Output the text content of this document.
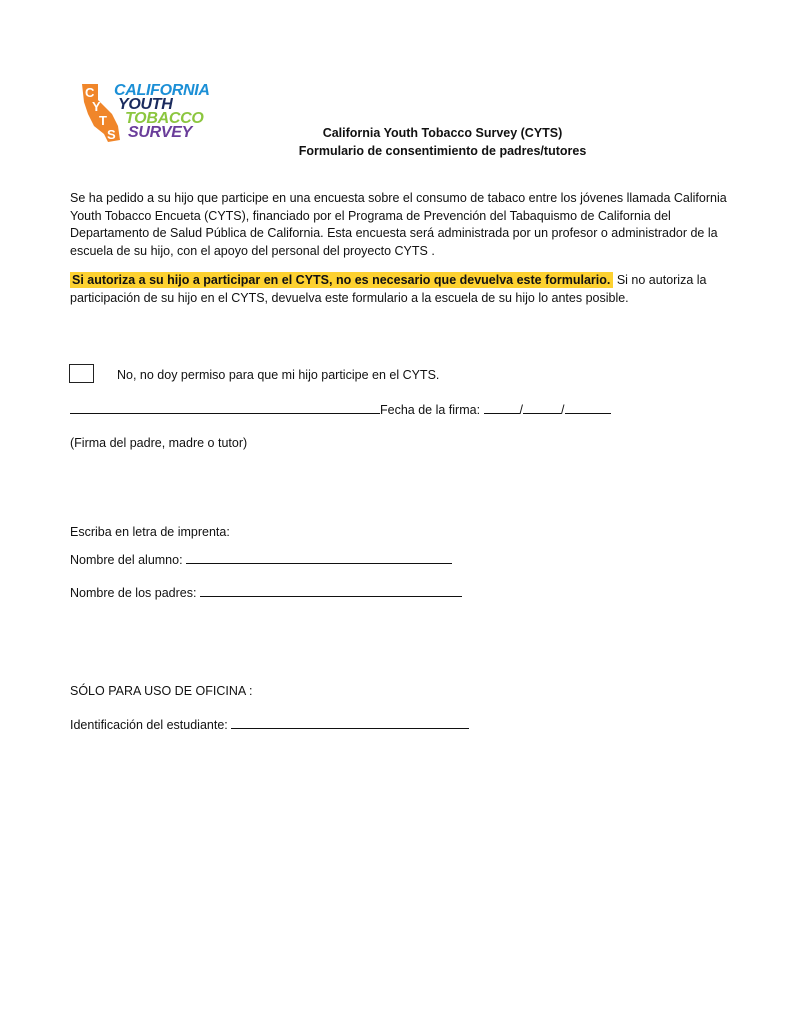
C
Y
T
S
CALIFORNIA
YOUTH
TOBACCO
SURVEY	California Youth Tobacco Survey (CYTS)
Formulario de consentimiento de padres/tutores
Se ha pedido a su hijo que participe en una encuesta sobre el consumo de tabaco entre los jóvenes llamada California Youth Tobacco Encueta (CYTS), financiado por el Programa de Prevención del Tabaquismo de California del Departamento de Salud Pública de California. Esta encuesta será administrada por un profesor o administrador de la escuela de su hijo, con el apoyo del personal del proyecto CYTS .
Si autoriza a su hijo a participar en el CYTS, no es necesario que devuelva este formulario. Si no autoriza la participación de su hijo en el CYTS, devuelva este formulario a la escuela de su hijo lo antes posible.
No, no doy permiso para que mi hijo participe en el CYTS.
Fecha de la firma:	/	/
(Firma del padre, madre o tutor)
Escriba en letra de imprenta:
Nombre del alumno:
Nombre de los padres:
SÓLO PARA USO DE OFICINA :
Identificación del estudiante:
